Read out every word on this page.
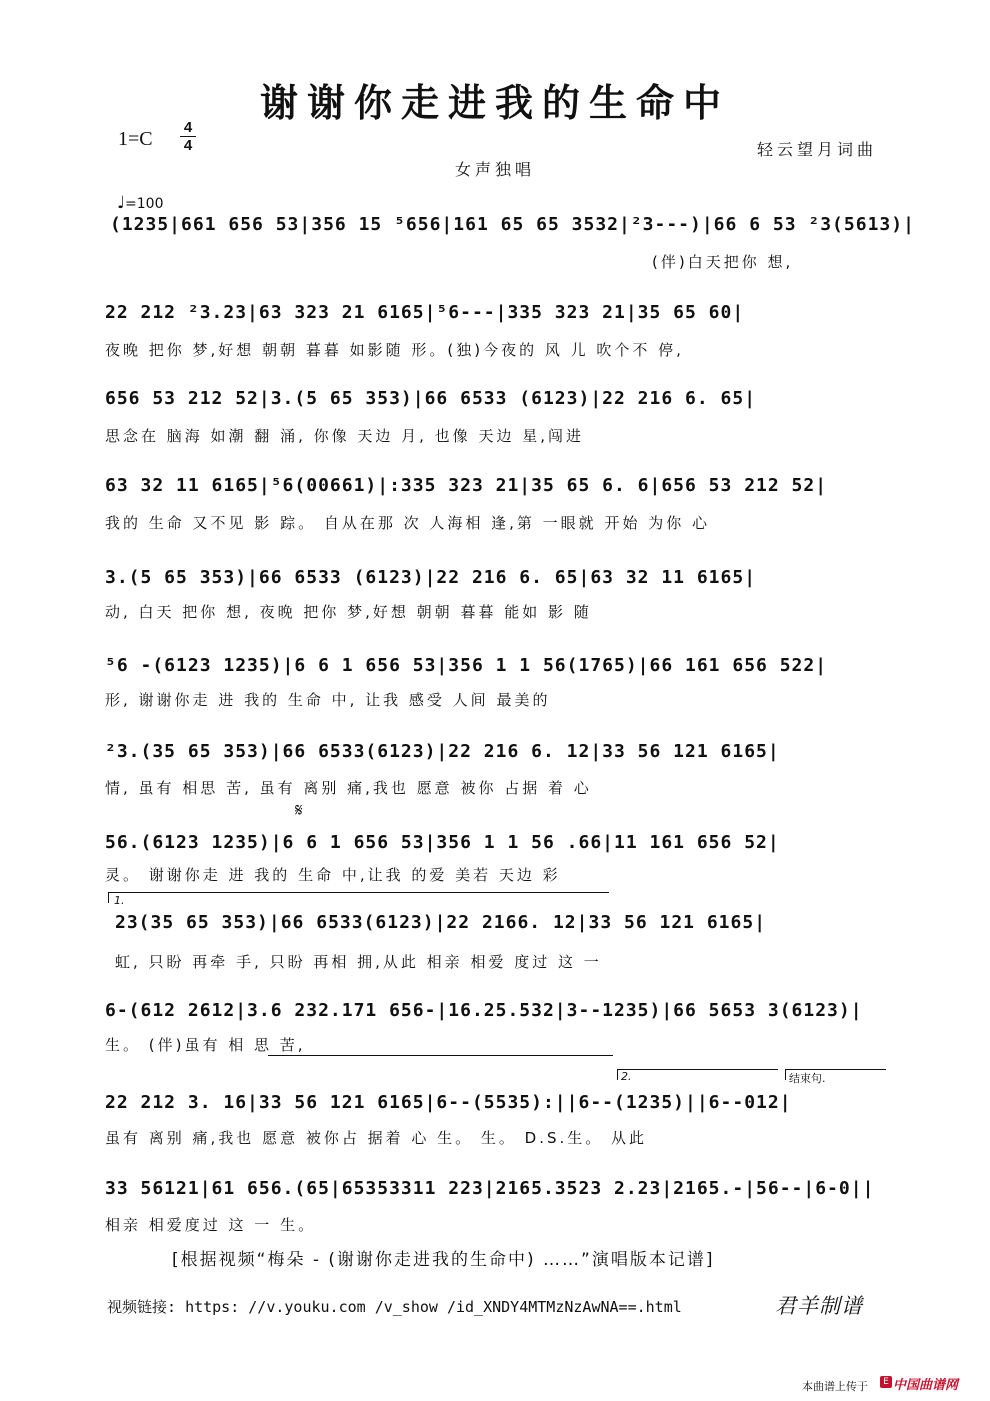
谢谢你走进我的生命中
1=C
4
4	轻云望月词曲
女声独唱
♩=100
(1235|661 656 53|356 15 ⁵656|161 65 65 3532|²3---)|66 6 53 ²3(5613)|
(伴)白天把你 想,
22 212 ²3.23|63 323 21 6165|⁵6---|335 323 21|35 65 60|
夜晚 把你 梦,好想 朝朝 暮暮 如影随 形。(独)今夜的 风 儿 吹个不 停,
656 53 212 52|3.(5 65 353)|66 6533 (6123)|22 216 6. 65|
思念在 脑海 如潮 翻 涌, 你像 天边 月, 也像 天边 星,闯进
63 32 11 6165|⁵6(00661)|:335 323 21|35 65 6. 6|656 53 212 52|
我的 生命 又不见 影 踪。 自从在那 次 人海相 逢,第 一眼就 开始 为你 心
3.(5 65 353)|66 6533 (6123)|22 216 6. 65|63 32 11 6165|
动, 白天 把你 想, 夜晚 把你 梦,好想 朝朝 暮暮 能如 影 随
⁵6 -(6123 1235)|6 6 1 656 53|356 1 1 56(1765)|66 161 656 522|
形, 谢谢你走 进 我的 生命 中, 让我 感受 人间 最美的
²3.(35 65 353)|66 6533(6123)|22 216 6. 12|33 56 121 6165|
情, 虽有 相思 苦, 虽有 离别 痛,我也 愿意 被你 占据 着 心
𝄋
56.(6123 1235)|6 6 1 656 53|356 1 1 56 .66|11 161 656 52|
灵。 谢谢你走 进 我的 生命 中,让我 的爱 美若 天边 彩
1.
23(35 65 353)|66 6533(6123)|22 2166. 12|33 56 121 6165|
虹, 只盼 再牵 手, 只盼 再相 拥,从此 相亲 相爱 度过 这 一
6-(612 2612|3.6 232.171 656-|16.25.532|3--1235)|66 5653 3(6123)|
生。 (伴)虽有 相 思 苦,
2.	结束句.
22 212 3. 16|33 56 121 6165|6--(5535):||6--(1235)||6--012|
虽有 离别 痛,我也 愿意 被你占 据着 心 生。 生。 D.S.生。 从此
33 56121|61 656.(65|65353311 223|2165.3523 2.23|2165.-|56--|6-0||
相亲 相爱度过 这 一 生。
[根据视频“梅朵 - (谢谢你走进我的生命中) ……”演唱版本记谱]
视频链接: https: //v.youku.com /v_show /id_XNDY4MTMzNzAwNA==.html	君羊制谱
本曲谱上传于	E 中国曲谱网
